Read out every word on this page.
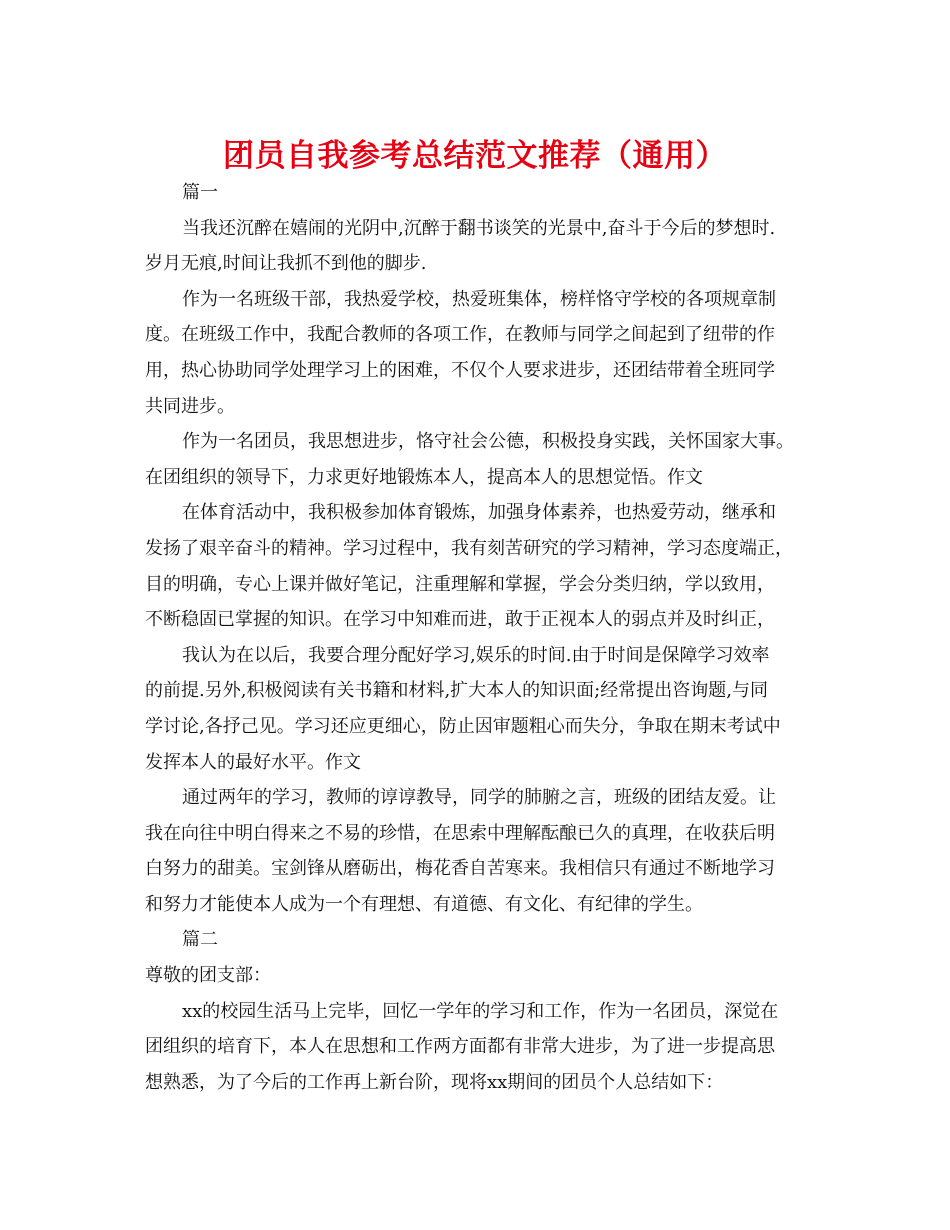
团员自我参考总结范文推荐（通用）
篇一
当我还沉醉在嬉闹的光阴中,沉醉于翻书谈笑的光景中,奋斗于今后的梦想时.
岁月无痕,时间让我抓不到他的脚步.
作为一名班级干部，我热爱学校，热爱班集体，榜样恪守学校的各项规章制
度。在班级工作中，我配合教师的各项工作，在教师与同学之间起到了纽带的作
用，热心协助同学处理学习上的困难，不仅个人要求进步，还团结带着全班同学
共同进步。
作为一名团员，我思想进步，恪守社会公德，积极投身实践，关怀国家大事。
在团组织的领导下，力求更好地锻炼本人，提高本人的思想觉悟。作文
在体育活动中，我积极参加体育锻炼，加强身体素养，也热爱劳动，继承和
发扬了艰辛奋斗的精神。学习过程中，我有刻苦研究的学习精神，学习态度端正，
目的明确，专心上课并做好笔记，注重理解和掌握，学会分类归纳，学以致用，
不断稳固已掌握的知识。在学习中知难而进，敢于正视本人的弱点并及时纠正，
我认为在以后，我要合理分配好学习,娱乐的时间.由于时间是保障学习效率
的前提.另外,积极阅读有关书籍和材料,扩大本人的知识面;经常提出咨询题,与同
学讨论,各抒己见。学习还应更细心，防止因审题粗心而失分，争取在期末考试中
发挥本人的最好水平。作文
通过两年的学习，教师的谆谆教导，同学的肺腑之言，班级的团结友爱。让
我在向往中明白得来之不易的珍惜，在思索中理解酝酿已久的真理，在收获后明
白努力的甜美。宝剑锋从磨砺出，梅花香自苦寒来。我相信只有通过不断地学习
和努力才能使本人成为一个有理想、有道德、有文化、有纪律的学生。
篇二
尊敬的团支部：
xx的校园生活马上完毕，回忆一学年的学习和工作，作为一名团员，深觉在
团组织的培育下，本人在思想和工作两方面都有非常大进步，为了进一步提高思
想熟悉，为了今后的工作再上新台阶，现将xx期间的团员个人总结如下：
